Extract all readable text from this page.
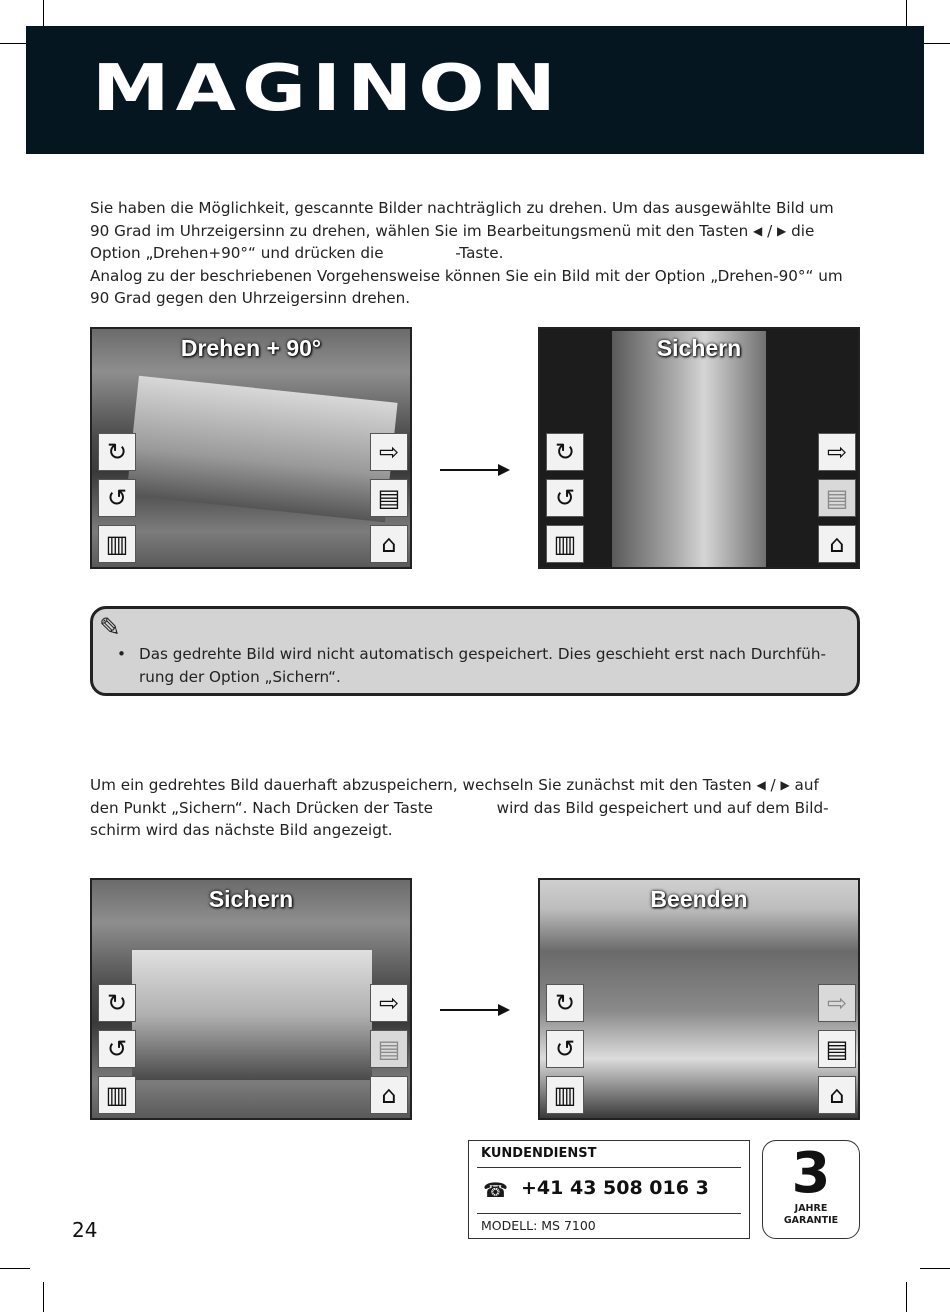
MAGINON
Sie haben die Möglichkeit, gescannte Bilder nachträglich zu drehen. Um das ausgewählte Bild um
90 Grad im Uhrzeigersinn zu drehen, wählen Sie im Bearbeitungsmenü mit den Tasten ◀ / ▶ die
Option „Drehen+90°“ und drücken die	-Taste.
Analog zu der beschriebenen Vorgehensweise können Sie ein Bild mit der Option „Drehen-90°“ um
90 Grad gegen den Uhrzeigersinn drehen.
Drehen + 90°
↻
↺
▥
⇨
▤
⌂
Sichern
↻
↺
▥
⇨
▤
⌂
✎
• Das gedrehte Bild wird nicht automatisch gespeichert. Dies geschieht erst nach Durchfüh-
rung der Option „Sichern“.
Um ein gedrehtes Bild dauerhaft abzuspeichern, wechseln Sie zunächst mit den Tasten ◀ / ▶ auf
den Punkt „Sichern“. Nach Drücken der Taste	wird das Bild gespeichert und auf dem Bild-
schirm wird das nächste Bild angezeigt.
Sichern
↻
↺
▥
⇨
▤
⌂
Beenden
↻
↺
▥
⇨
▤
⌂
KUNDENDIENST
☎ +41 43 508 016 3
MODELL: MS 7100
3
JAHRE
GARANTIE
24
